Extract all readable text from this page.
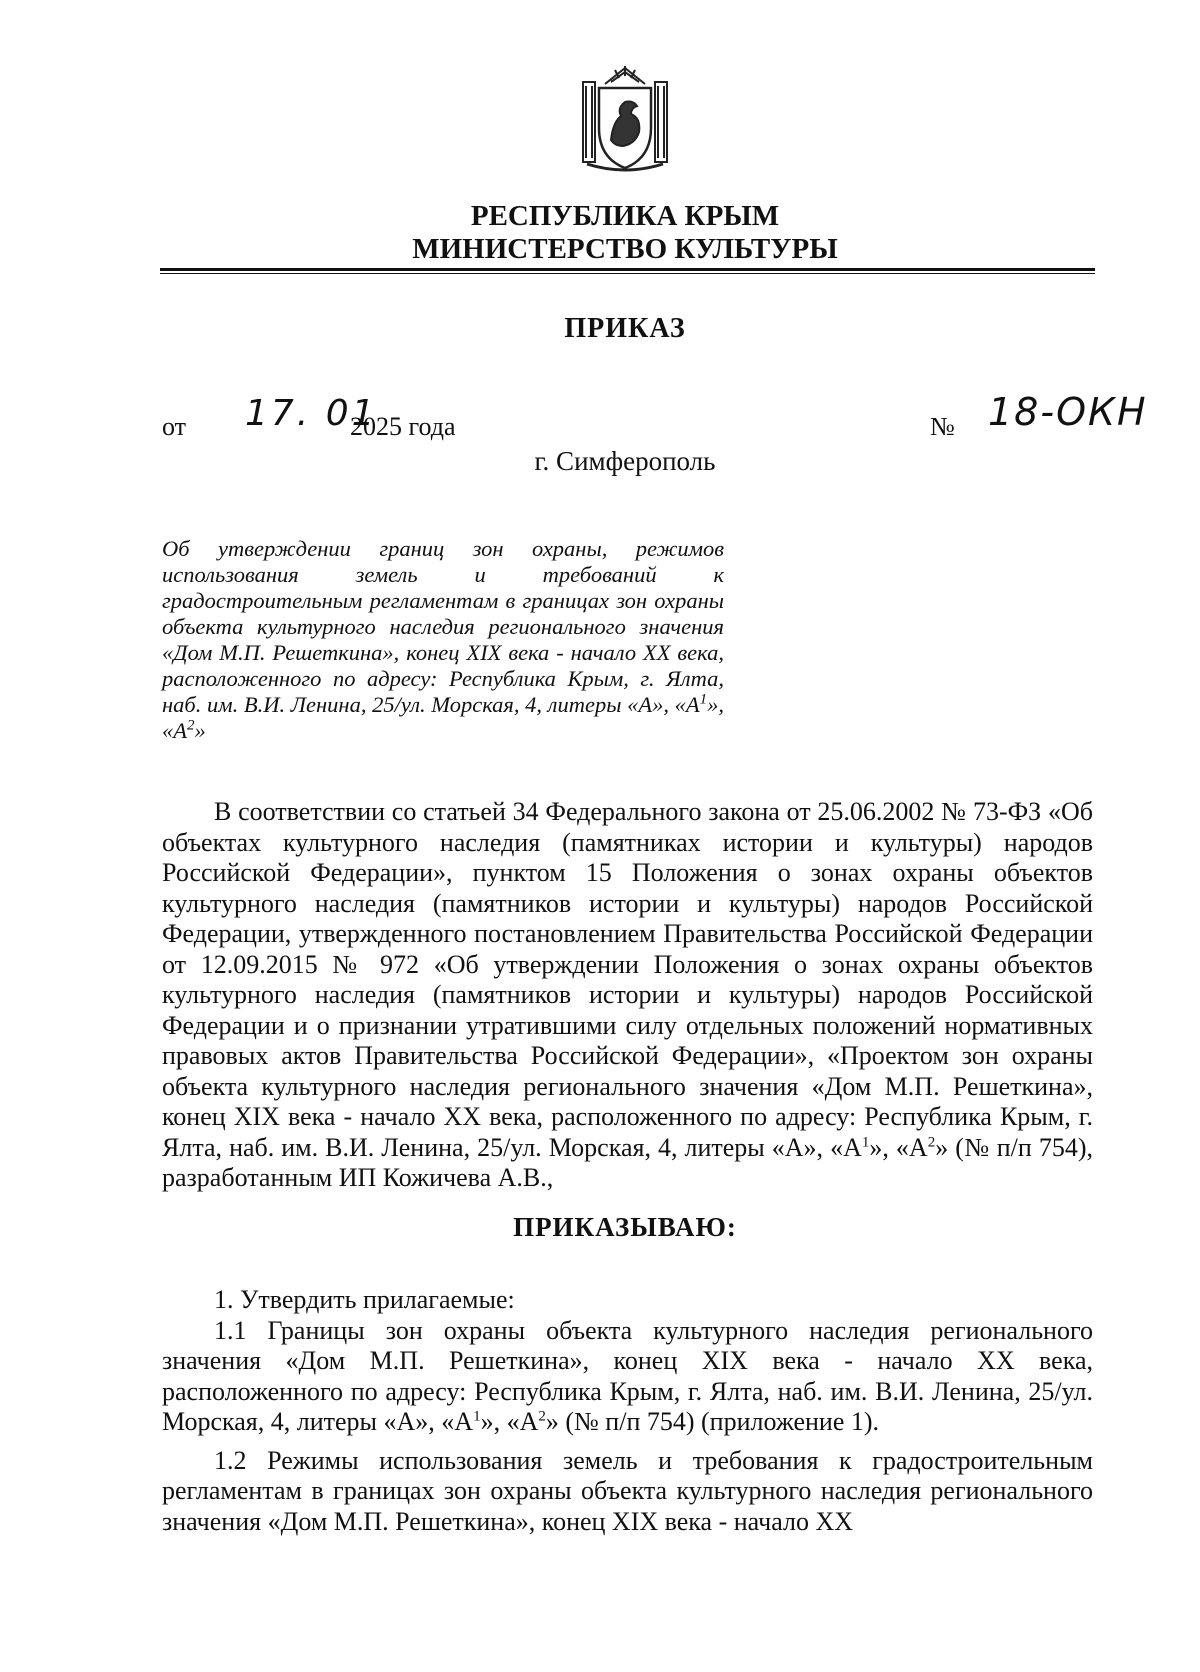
РЕСПУБЛИКА КРЫМ
МИНИСТЕРСТВО КУЛЬТУРЫ
ПРИКАЗ
от 17. 01
2025 года	№ 18-ОКН
г. Симферополь
Об утверждении границ зон охраны, режимов использования земель и требований к градостроительным регламентам в границах зон охраны объекта культурного наследия регионального значения «Дом М.П. Решеткина», конец XIX века - начало XX века, расположенного по адресу: Республика Крым, г. Ялта, наб. им. В.И. Ленина, 25/ул. Морская, 4, литеры «А», «$А^1$», «$А^2$»

В соответствии со статьей 34 Федерального закона от 25.06.2002 № 73-ФЗ «Об объектах культурного наследия (памятниках истории и культуры) народов Российской Федерации», пунктом 15 Положения о зонах охраны объектов культурного наследия (памятников истории и культуры) народов Российской Федерации, утвержденного постановлением Правительства Российской Федерации от 12.09.2015 № 972 «Об утверждении Положения о зонах охраны объектов культурного наследия (памятников истории и культуры) народов Российской Федерации и о признании утратившими силу отдельных положений нормативных правовых актов Правительства Российской Федерации», «Проектом зон охраны объекта культурного наследия регионального значения «Дом М.П. Решеткина», конец XIX века - начало XX века, расположенного по адресу: Республика Крым, г. Ялта, наб. им. В.И. Ленина, 25/ул. Морская, 4, литеры «А», «$А^1$», «$А^2$» (№ п/п 754), разработанным ИП Кожичева А.В.,

ПРИКАЗЫВАЮ:

1. Утвердить прилагаемые:

1.1 Границы зон охраны объекта культурного наследия регионального значения «Дом М.П. Решеткина», конец XIX века - начало XX века, расположенного по адресу: Республика Крым, г. Ялта, наб. им. В.И. Ленина, 25/ул. Морская, 4, литеры «А», «$А^1$», «$А^2$» (№ п/п 754) (приложение 1).

1.2 Режимы использования земель и требования к градостроительным регламентам в границах зон охраны объекта культурного наследия регионального значения «Дом М.П. Решеткина», конец XIX века - начало XX
